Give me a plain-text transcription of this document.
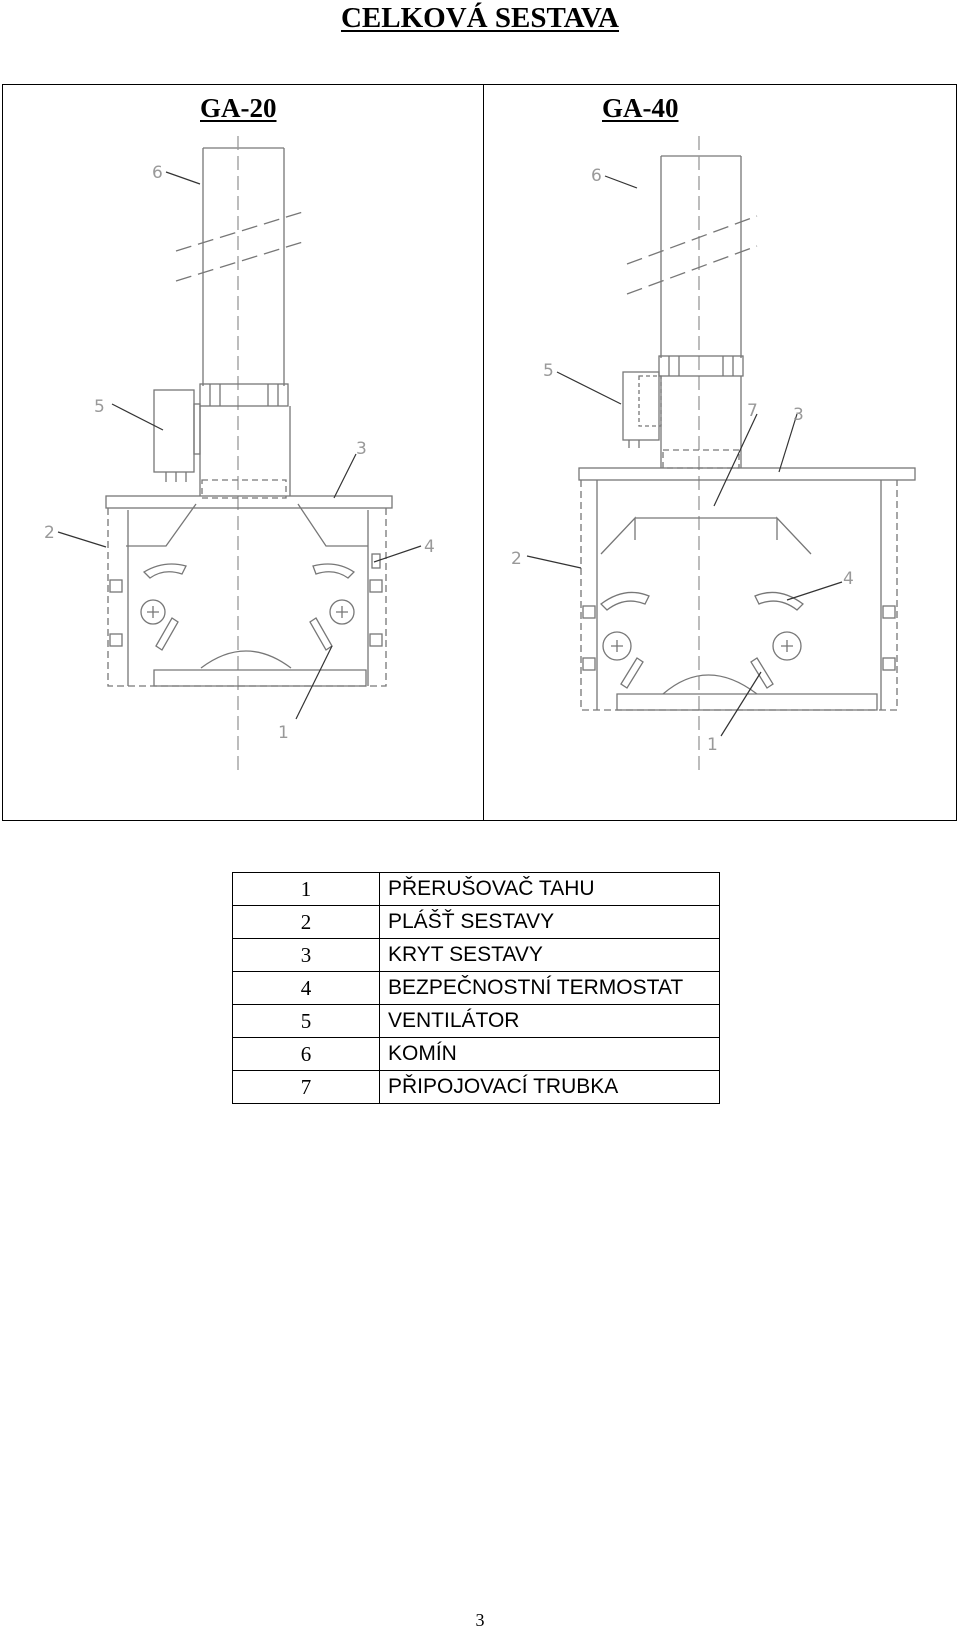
CELKOVÁ SESTAVA
GA-20	GA-40
6
5
3
2
4
1
6
5
7 3
2
4
1
1	PŘERUŠOVAČ TAHU
2	PLÁŠŤ SESTAVY
3	KRYT SESTAVY
4	BEZPEČNOSTNÍ TERMOSTAT
5	VENTILÁTOR
6	KOMÍN
7	PŘIPOJOVACÍ TRUBKA
3
